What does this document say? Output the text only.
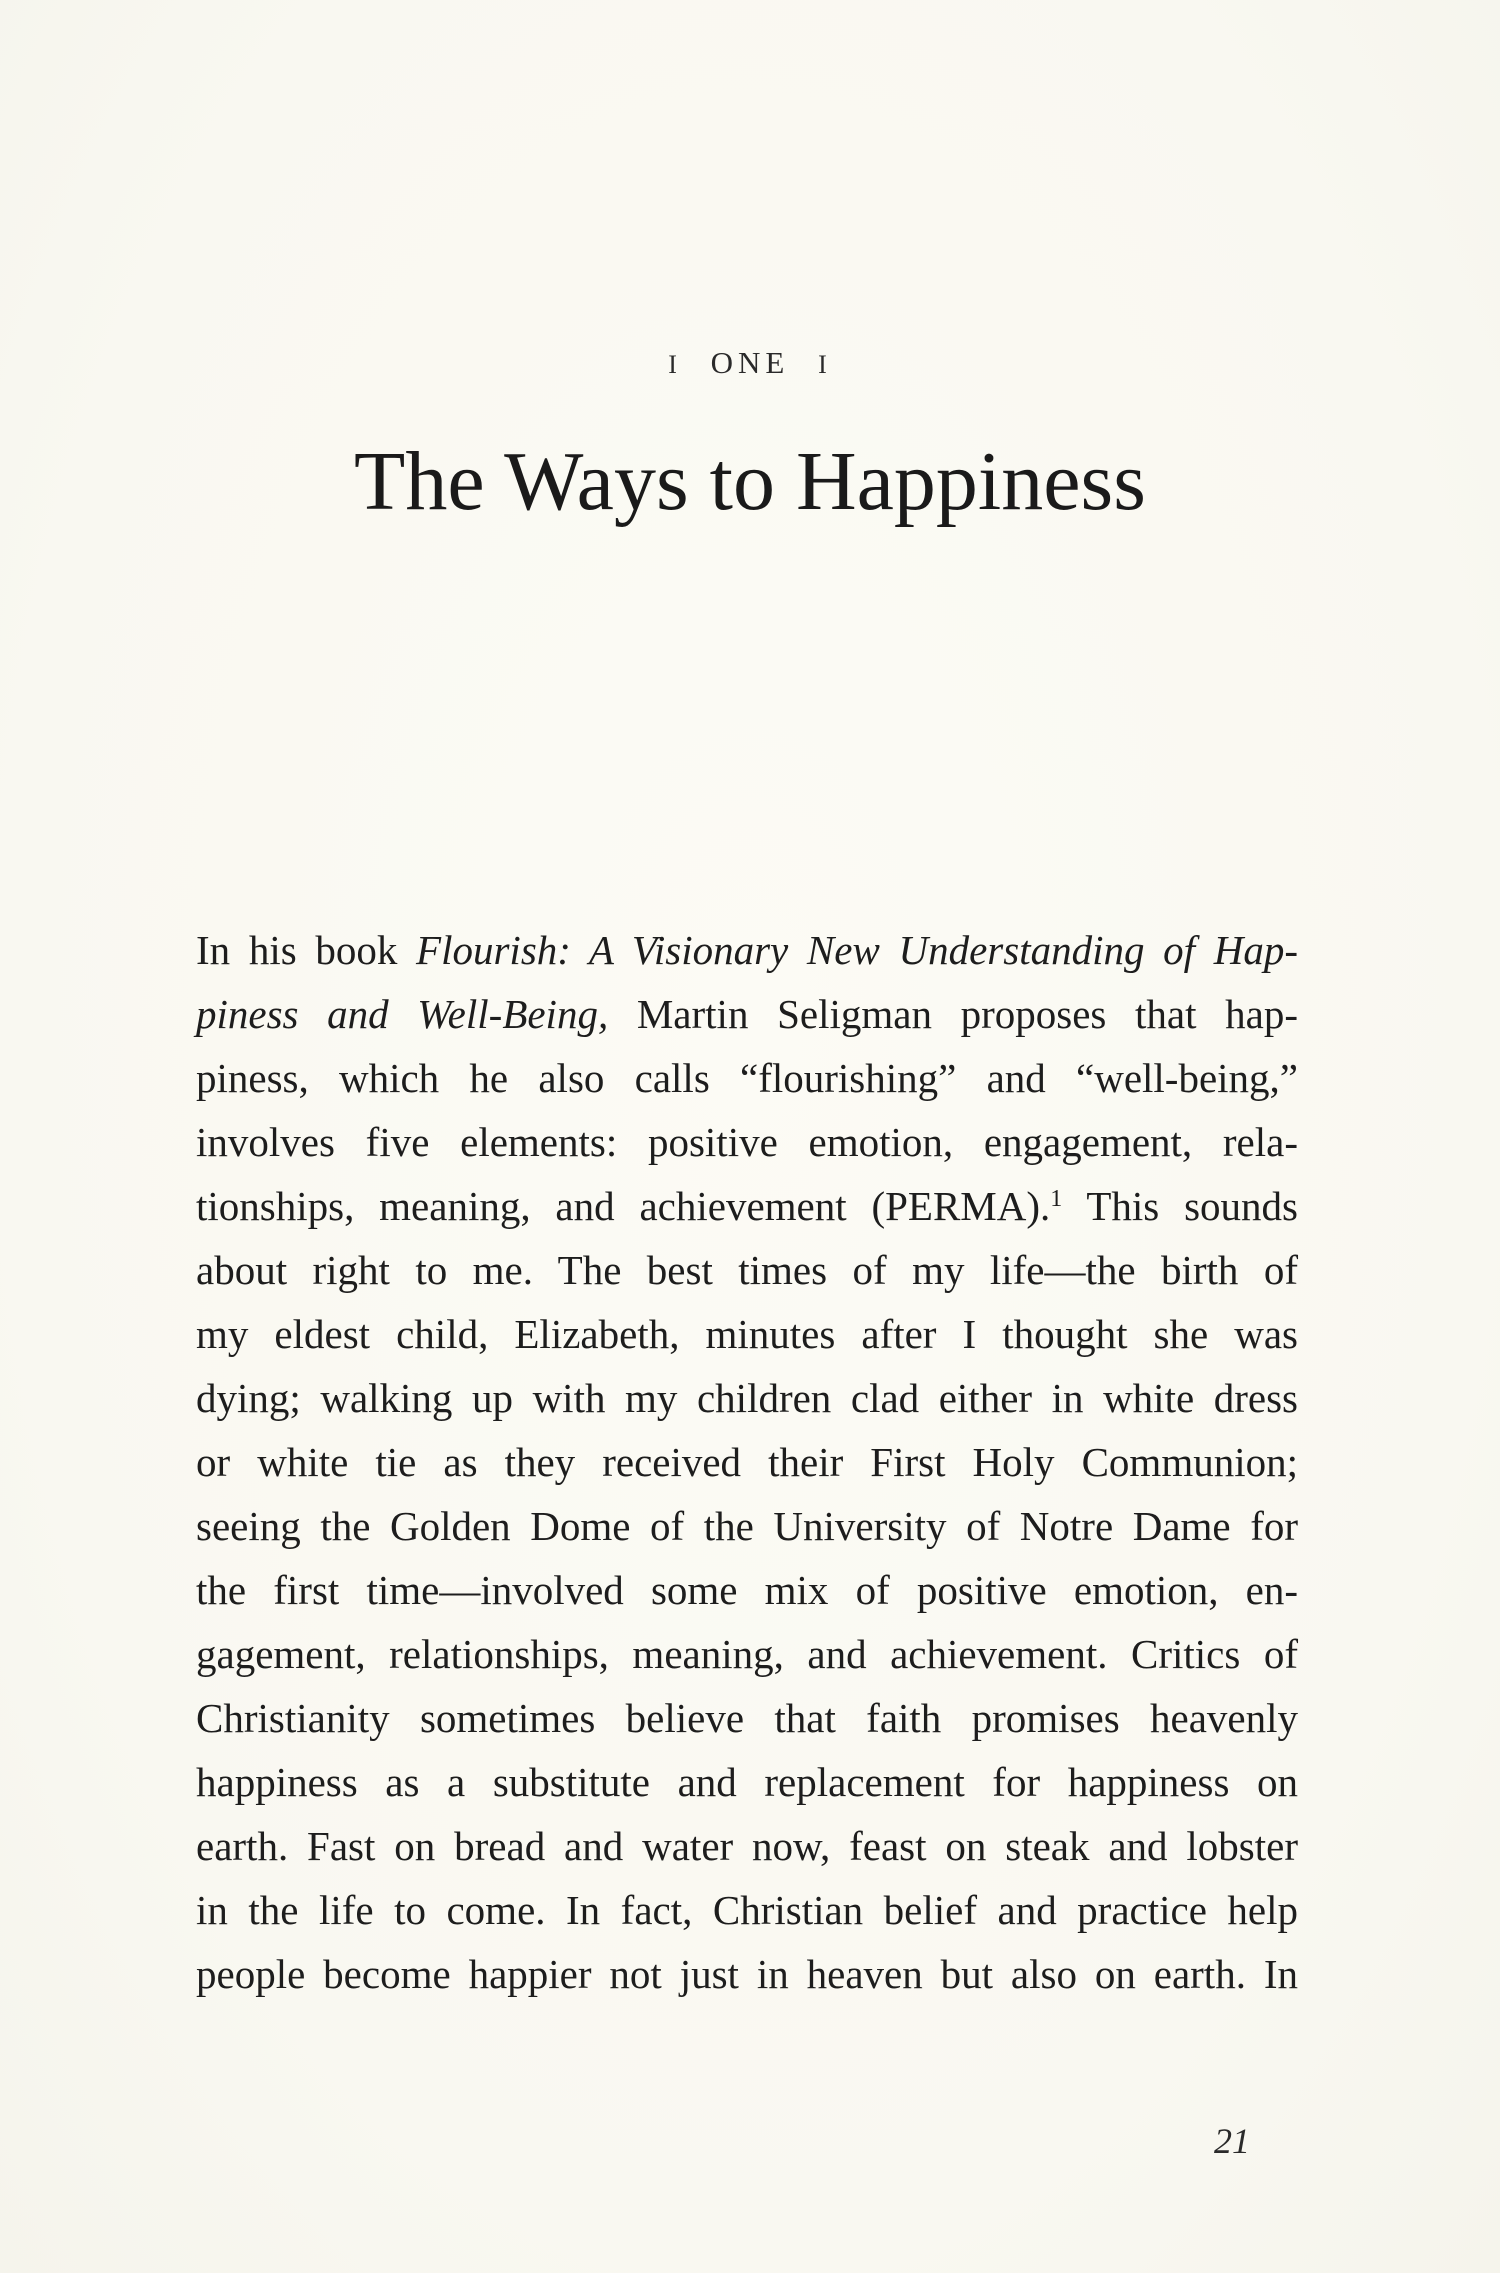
I ONE I
The Ways to Happiness
In his book Flourish: A Visionary New Understanding of Hap-
piness and Well-Being, Martin Seligman proposes that hap-
piness, which he also calls “flourishing” and “well-being,”
involves five elements: positive emotion, engagement, rela-
tionships, meaning, and achievement (PERMA).$^1$ This sounds
about right to me. The best times of my life—the birth of
my eldest child, Elizabeth, minutes after I thought she was
dying; walking up with my children clad either in white dress
or white tie as they received their First Holy Communion;
seeing the Golden Dome of the University of Notre Dame for
the first time—involved some mix of positive emotion, en-
gagement, relationships, meaning, and achievement. Critics of
Christianity sometimes believe that faith promises heavenly
happiness as a substitute and replacement for happiness on
earth. Fast on bread and water now, feast on steak and lobster
in the life to come. In fact, Christian belief and practice help
people become happier not just in heaven but also on earth. In
21
